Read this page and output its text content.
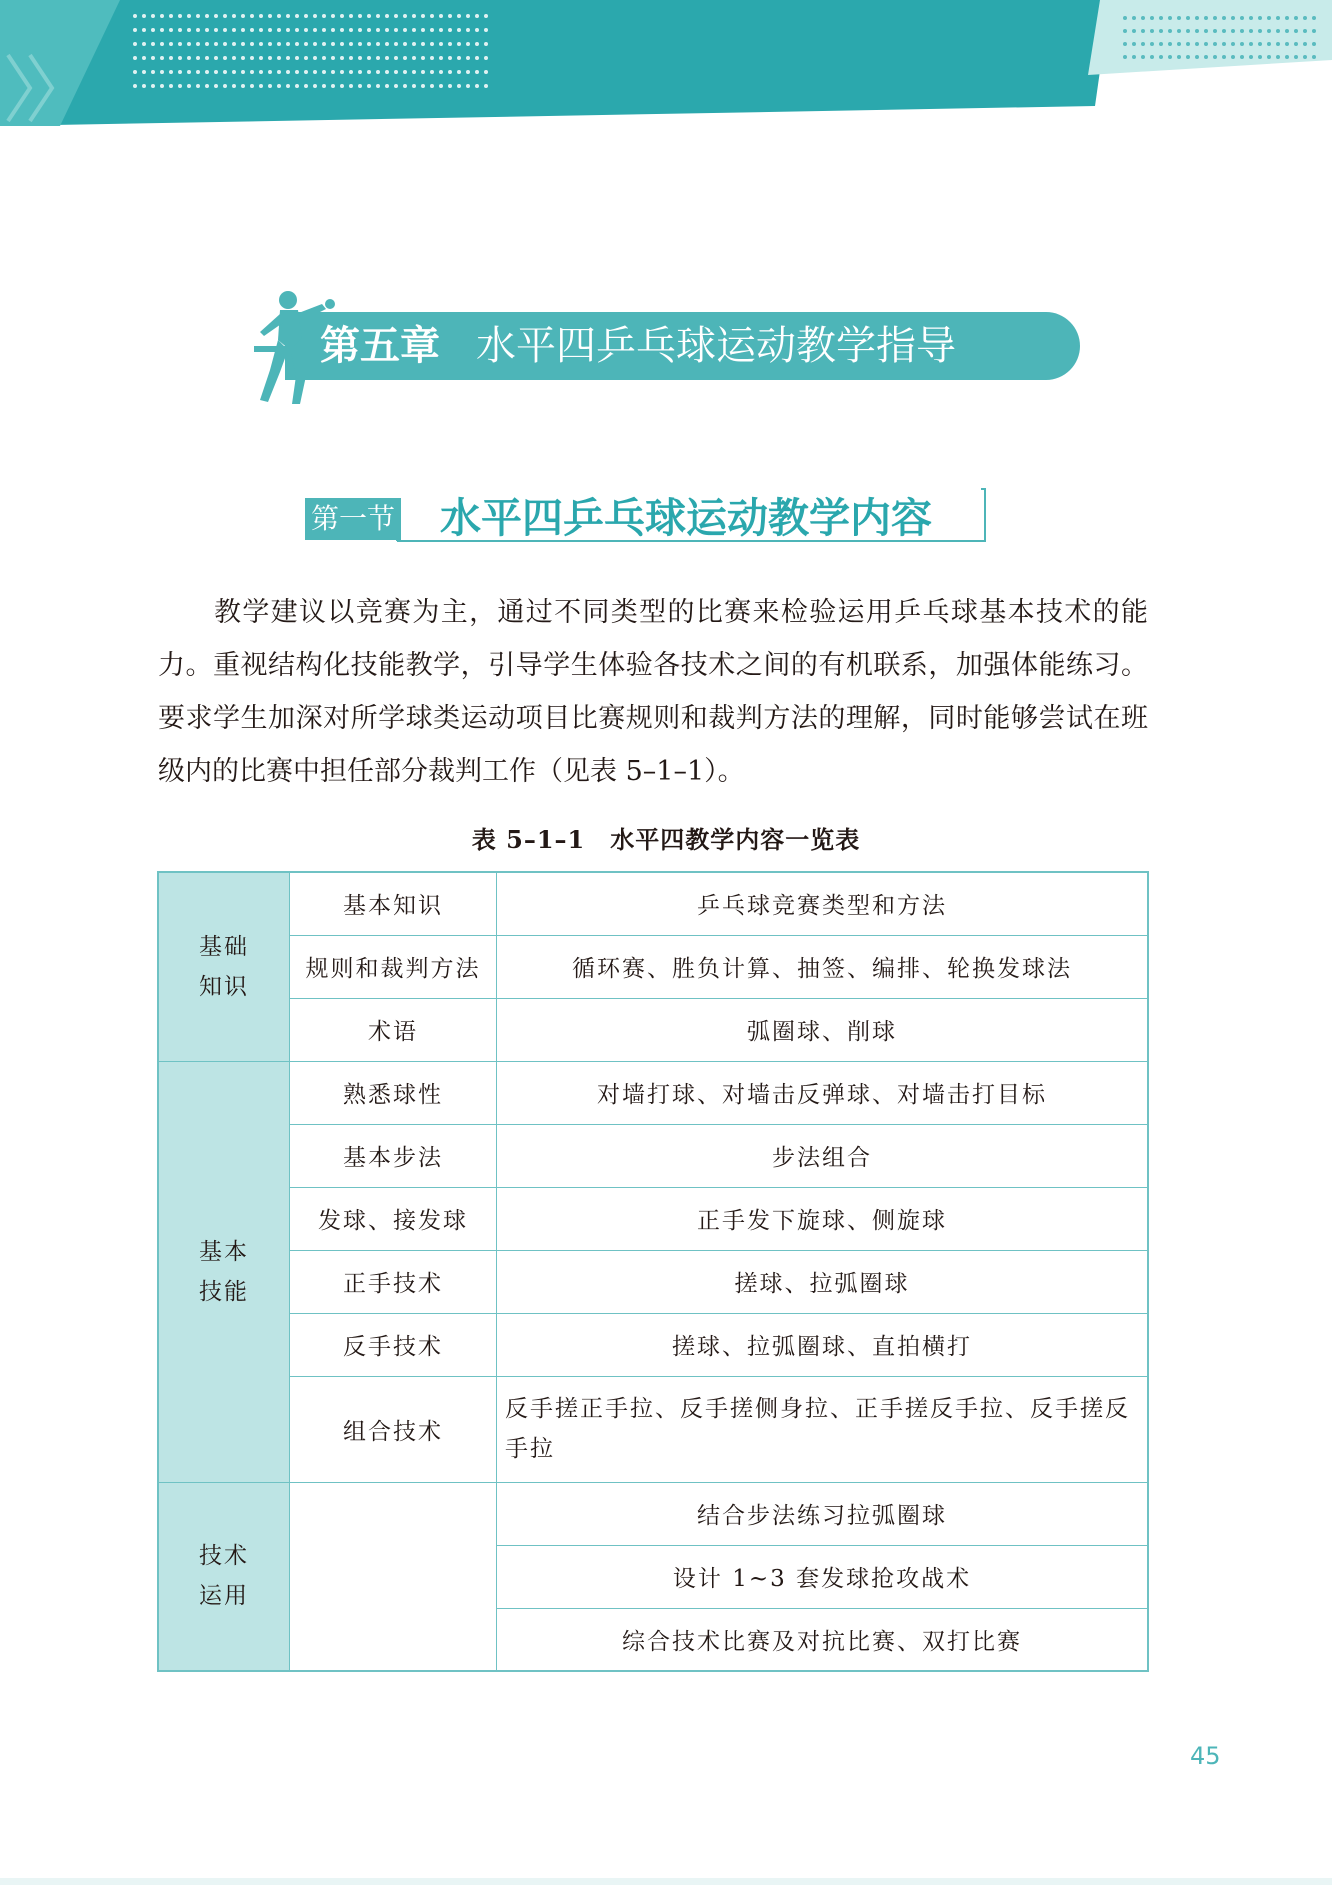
第五章 水平四乒乓球运动教学指导
第一节 水平四乒乓球运动教学内容

教学建议以竞赛为主，通过不同类型的比赛来检验运用乒乓球基本技术的能力。重视结构化技能教学，引导学生体验各技术之间的有机联系，加强体能练习。要求学生加深对所学球类运动项目比赛规则和裁判方法的理解，同时能够尝试在班级内的比赛中担任部分裁判工作（见表 5–1–1）。

表 5–1–1　水平四教学内容一览表
基础
知识	基本知识	乒乓球竞赛类型和方法
	规则和裁判方法	循环赛、胜负计算、抽签、编排、轮换发球法
	术语	弧圈球、削球
基本
技能	熟悉球性	对墙打球、对墙击反弹球、对墙击打目标
	基本步法	步法组合
	发球、接发球	正手发下旋球、侧旋球
	正手技术	搓球、拉弧圈球
	反手技术	搓球、拉弧圈球、直拍横打
	组合技术	反手搓正手拉、反手搓侧身拉、正手搓反手拉、反手搓反手拉
技术
运用		结合步法练习拉弧圈球
		设计 1~3 套发球抢攻战术
		综合技术比赛及对抗比赛、双打比赛
45
